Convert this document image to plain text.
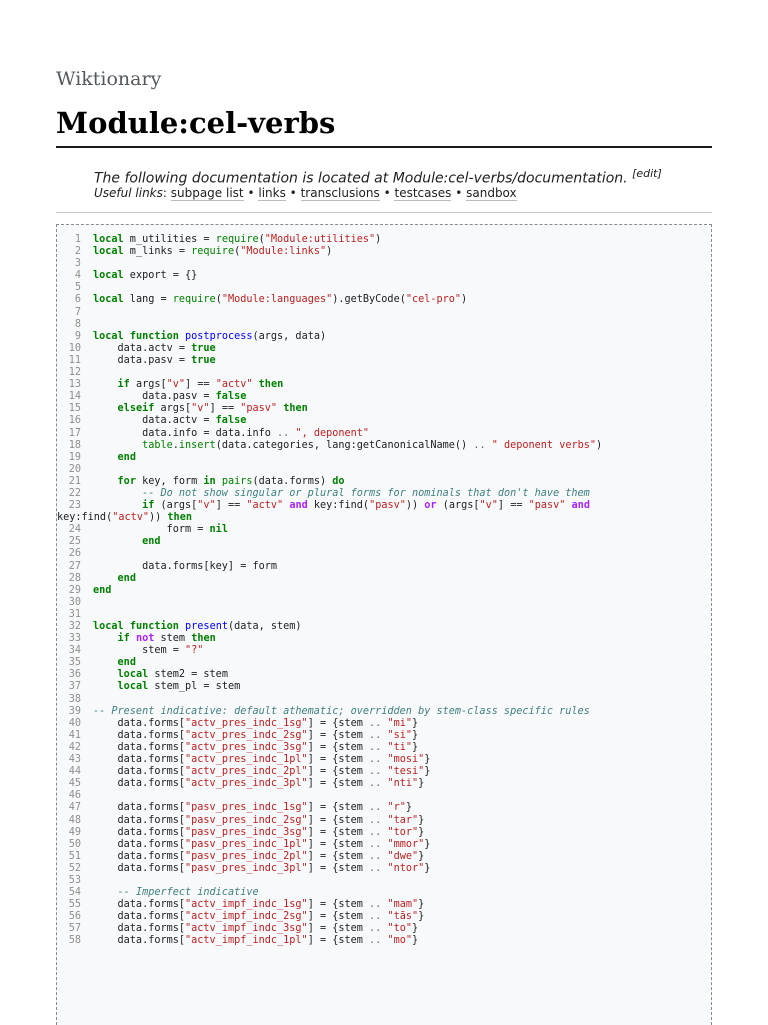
Wiktionary
Module:cel-verbs
The following documentation is located at Module:cel-verbs/documentation. [edit]
Useful links: subpage list • links • transclusions • testcases • sandbox
1 local m_utilities = require("Module:utilities")
2 local m_links = require("Module:links")
3
4 local export = {}
5
6 local lang = require("Module:languages").getByCode("cel-pro")
7
8
9 local function postprocess(args, data)
10    data.actv = true
11    data.pasv = true
12
13	if args["v"] == "actv" then
14        data.pasv = false
15	elseif args["v"] == "pasv" then
16        data.actv = false
17        data.info = data.info .. ", deponent"
18	table.insert(data.categories, lang:getCanonicalName() .. " deponent verbs")
19	end
20
21	for key, form in pairs(data.forms) do
22	-- Do not show singular or plural forms for nominals that don't have them
23	if (args["v"] == "actv" and key:find("pasv")) or (args["v"] == "pasv" and
key:find("actv")) then
24            form = nil
25	end
26
27        data.forms[key] = form
28	end
29 end
30
31
32 local function present(data, stem)
33	if not stem then
34        stem = "?"
35	end
36	local stem2 = stem
37	local stem_pl = stem
38
39 -- Present indicative: default athematic; overridden by stem-class specific rules
40    data.forms["actv_pres_indc_1sg"] = {stem .. "mi"}
41    data.forms["actv_pres_indc_2sg"] = {stem .. "si"}
42    data.forms["actv_pres_indc_3sg"] = {stem .. "ti"}
43    data.forms["actv_pres_indc_1pl"] = {stem .. "mosi"}
44    data.forms["actv_pres_indc_2pl"] = {stem .. "tesi"}
45    data.forms["actv_pres_indc_3pl"] = {stem .. "nti"}
46
47    data.forms["pasv_pres_indc_1sg"] = {stem .. "r"}
48    data.forms["pasv_pres_indc_2sg"] = {stem .. "tar"}
49    data.forms["pasv_pres_indc_3sg"] = {stem .. "tor"}
50    data.forms["pasv_pres_indc_1pl"] = {stem .. "mmor"}
51    data.forms["pasv_pres_indc_2pl"] = {stem .. "dwe"}
52    data.forms["pasv_pres_indc_3pl"] = {stem .. "ntor"}
53
54	-- Imperfect indicative
55    data.forms["actv_impf_indc_1sg"] = {stem .. "mam"}
56    data.forms["actv_impf_indc_2sg"] = {stem .. "tās"}
57    data.forms["actv_impf_indc_3sg"] = {stem .. "to"}
58    data.forms["actv_impf_indc_1pl"] = {stem .. "mo"}
